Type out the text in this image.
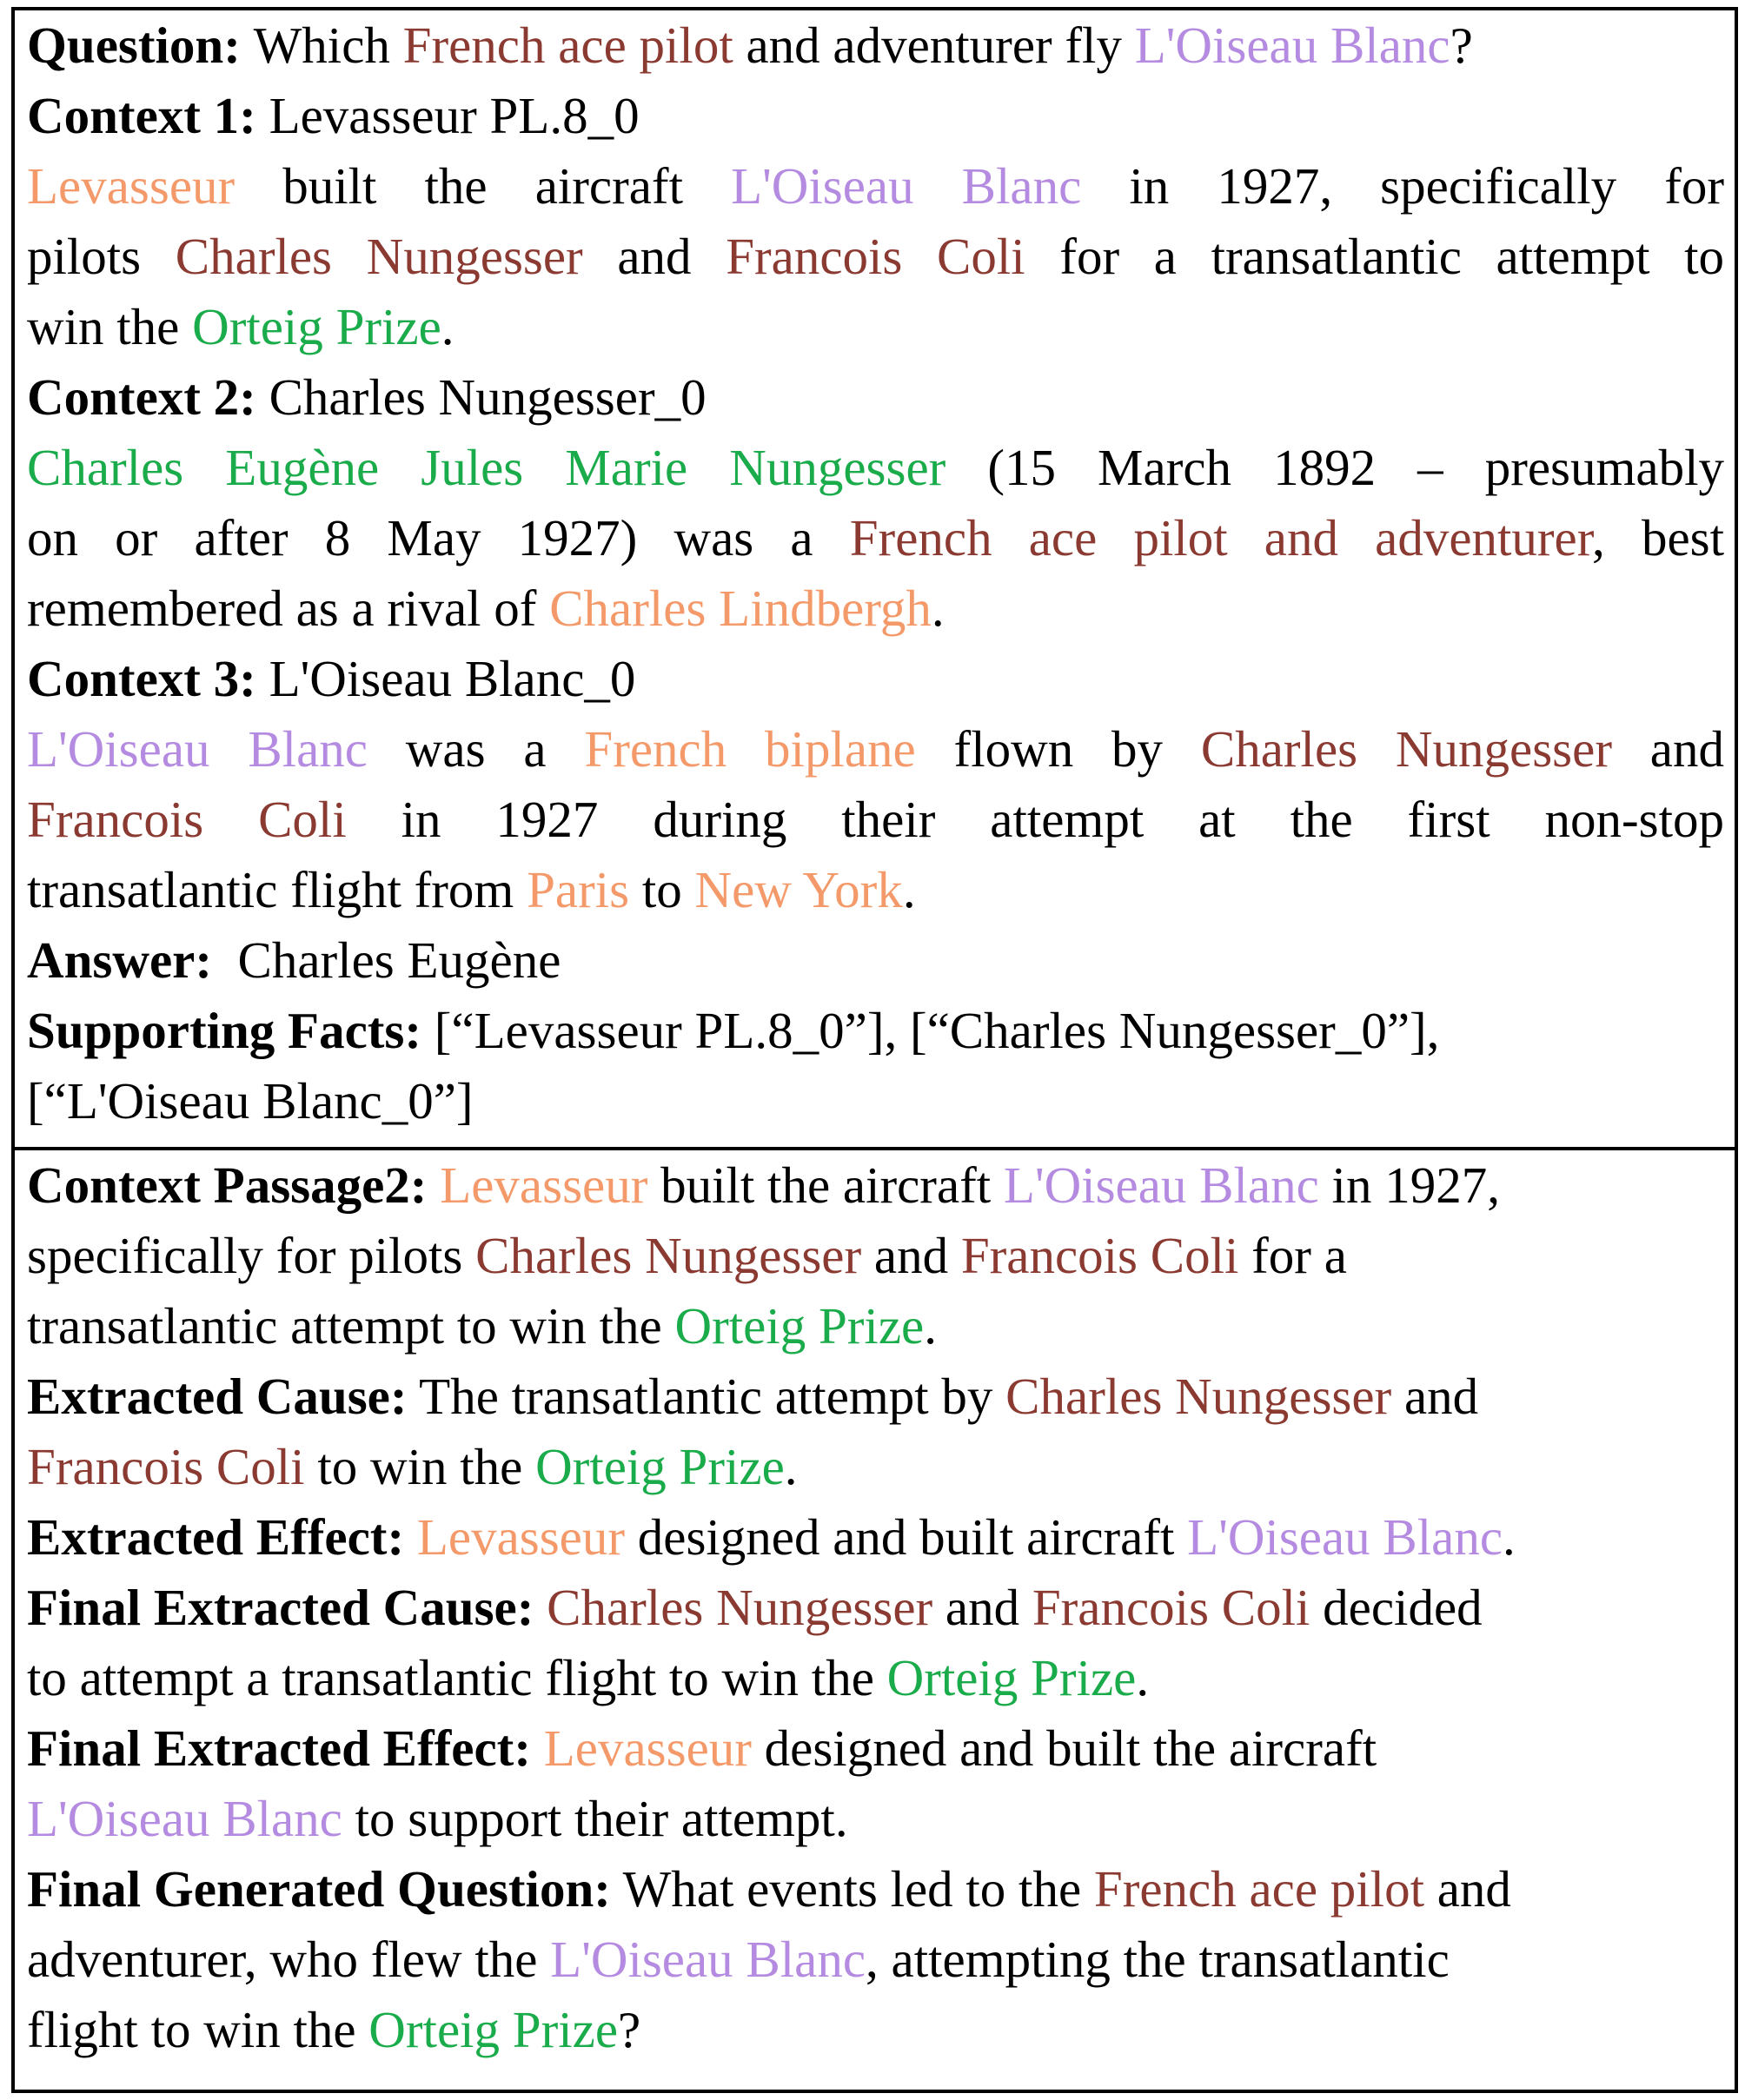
Question: Which French ace pilot and adventurer fly L'Oiseau Blanc?
Context 1: Levasseur PL.8_0
Levasseur built the aircraft L'Oiseau Blanc in 1927, specifically for
pilots Charles Nungesser and Francois Coli for a transatlantic attempt to
win the Orteig Prize.
Context 2: Charles Nungesser_0
Charles Eugène Jules Marie Nungesser (15 March 1892 – presumably
on or after 8 May 1927) was a French ace pilot and adventurer, best
remembered as a rival of Charles Lindbergh.
Context 3: L'Oiseau Blanc_0
L'Oiseau Blanc was a French biplane flown by Charles Nungesser and
Francois Coli in 1927 during their attempt at the first non-stop
transatlantic flight from Paris to New York.
Answer: Charles Eugène
Supporting Facts: [“Levasseur PL.8_0”], [“Charles Nungesser_0”],
[“L'Oiseau Blanc_0”]
Context Passage2: Levasseur built the aircraft L'Oiseau Blanc in 1927,
specifically for pilots Charles Nungesser and Francois Coli for a
transatlantic attempt to win the Orteig Prize.
Extracted Cause: The transatlantic attempt by Charles Nungesser and
Francois Coli to win the Orteig Prize.
Extracted Effect: Levasseur designed and built aircraft L'Oiseau Blanc.
Final Extracted Cause: Charles Nungesser and Francois Coli decided
to attempt a transatlantic flight to win the Orteig Prize.
Final Extracted Effect: Levasseur designed and built the aircraft
L'Oiseau Blanc to support their attempt.
Final Generated Question: What events led to the French ace pilot and
adventurer, who flew the L'Oiseau Blanc, attempting the transatlantic
flight to win the Orteig Prize?
